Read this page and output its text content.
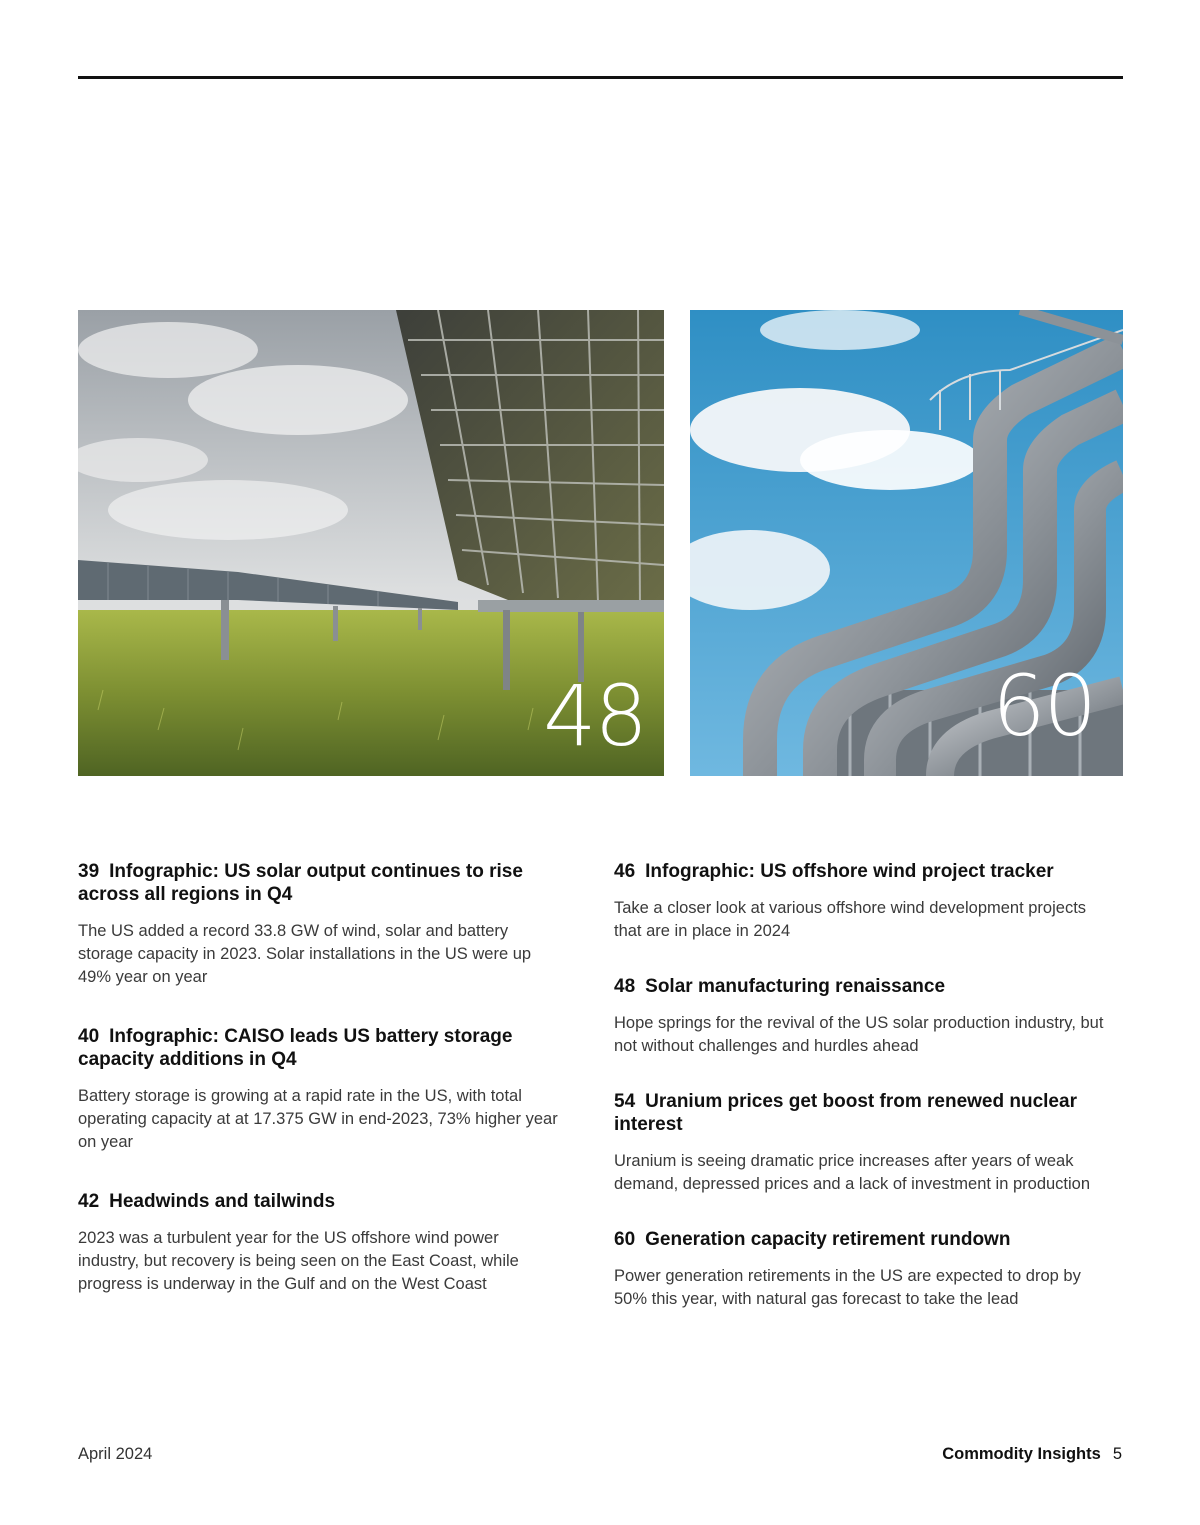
48	60
39 Infographic: US solar output continues to rise across all regions in Q4

The US added a record 33.8 GW of wind, solar and battery storage capacity in 2023. Solar installations in the US were up 49% year on year

40 Infographic: CAISO leads US battery storage capacity additions in Q4

Battery storage is growing at a rapid rate in the US, with total operating capacity at at 17.375 GW in end-2023, 73% higher year on year

42 Headwinds and tailwinds

2023 was a turbulent year for the US offshore wind power industry, but recovery is being seen on the East Coast, while progress is underway in the Gulf and on the West Coast

46 Infographic: US offshore wind project tracker

Take a closer look at various offshore wind development projects that are in place in 2024

48 Solar manufacturing renaissance

Hope springs for the revival of the US solar production industry, but not without challenges and hurdles ahead

54 Uranium prices get boost from renewed nuclear interest

Uranium is seeing dramatic price increases after years of weak demand, depressed prices and a lack of investment in production

60 Generation capacity retirement rundown

Power generation retirements in the US are expected to drop by 50% this year, with natural gas forecast to take the lead

April 2024	Commodity Insights 5
